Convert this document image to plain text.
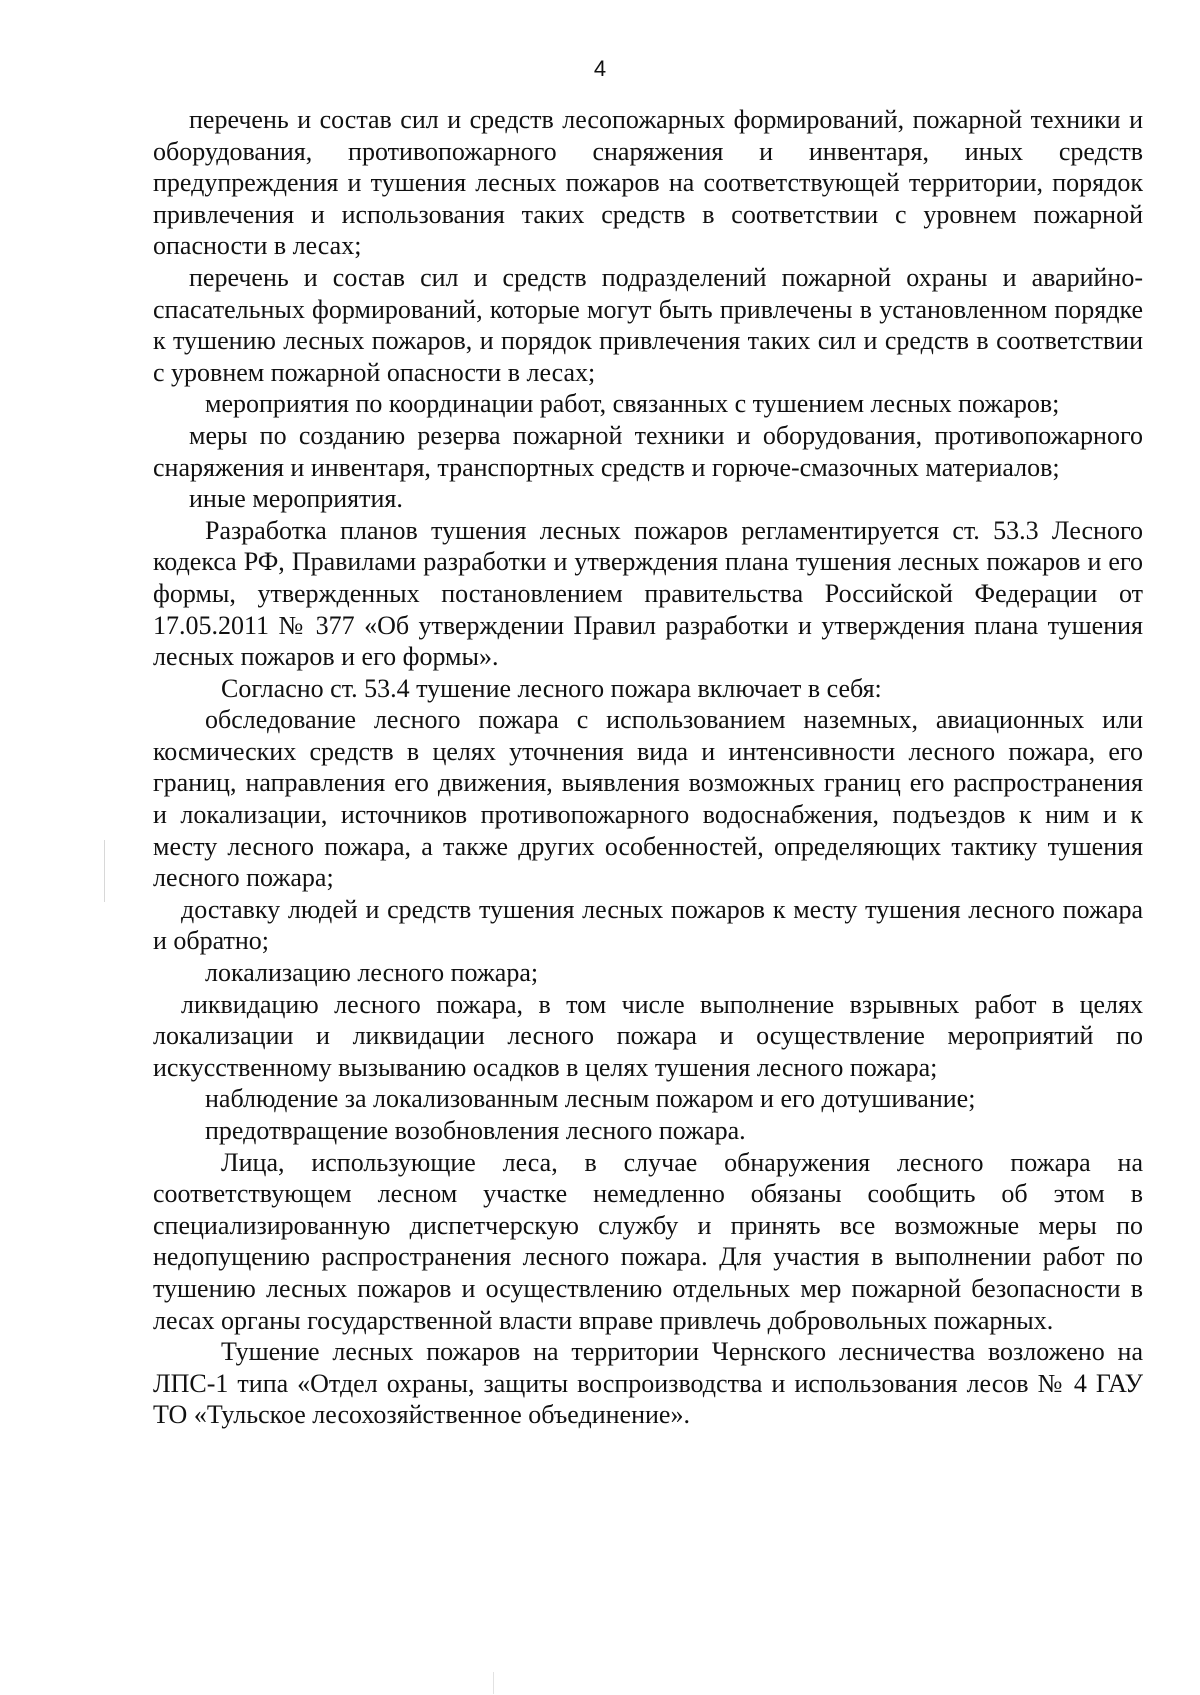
4

перечень и состав сил и средств лесопожарных формирований, пожарной техники и оборудования, противопожарного снаряжения и инвентаря, иных средств предупреждения и тушения лесных пожаров на соответствующей территории, порядок привлечения и использования таких средств в соответствии с уровнем пожарной опасности в лесах;

перечень и состав сил и средств подразделений пожарной охраны и аварийно-спасательных формирований, которые могут быть привлечены в установленном порядке к тушению лесных пожаров, и порядок привлечения таких сил и средств в соответствии с уровнем пожарной опасности в лесах;

мероприятия по координации работ, связанных с тушением лесных пожаров;

меры по созданию резерва пожарной техники и оборудования, противопожарного снаряжения и инвентаря, транспортных средств и горюче-смазочных материалов;

иные мероприятия.

Разработка планов тушения лесных пожаров регламентируется ст. 53.3 Лесного кодекса РФ, Правилами разработки и утверждения плана тушения лесных пожаров и его формы, утвержденных постановлением правительства Российской Федерации от 17.05.2011 № 377 «Об утверждении Правил разработки и утверждения плана тушения лесных пожаров и его формы».

Согласно ст. 53.4 тушение лесного пожара включает в себя:

обследование лесного пожара с использованием наземных, авиационных или космических средств в целях уточнения вида и интенсивности лесного пожара, его границ, направления его движения, выявления возможных границ его распространения и локализации, источников противопожарного водоснабжения, подъездов к ним и к месту лесного пожара, а также других особенностей, определяющих тактику тушения лесного пожара;

доставку людей и средств тушения лесных пожаров к месту тушения лесного пожара и обратно;

локализацию лесного пожара;

ликвидацию лесного пожара, в том числе выполнение взрывных работ в целях локализации и ликвидации лесного пожара и осуществление мероприятий по искусственному вызыванию осадков в целях тушения лесного пожара;

наблюдение за локализованным лесным пожаром и его дотушивание;

предотвращение возобновления лесного пожара.

Лица, использующие леса, в случае обнаружения лесного пожара на соответствующем лесном участке немедленно обязаны сообщить об этом в специализированную диспетчерскую службу и принять все возможные меры по недопущению распространения лесного пожара. Для участия в выполнении работ по тушению лесных пожаров и осуществлению отдельных мер пожарной безопасности в лесах органы государственной власти вправе привлечь добровольных пожарных.

Тушение лесных пожаров на территории Чернского лесничества возложено на ЛПС-1 типа «Отдел охраны, защиты воспроизводства и использования лесов № 4 ГАУ ТО «Тульское лесохозяйственное объединение».
